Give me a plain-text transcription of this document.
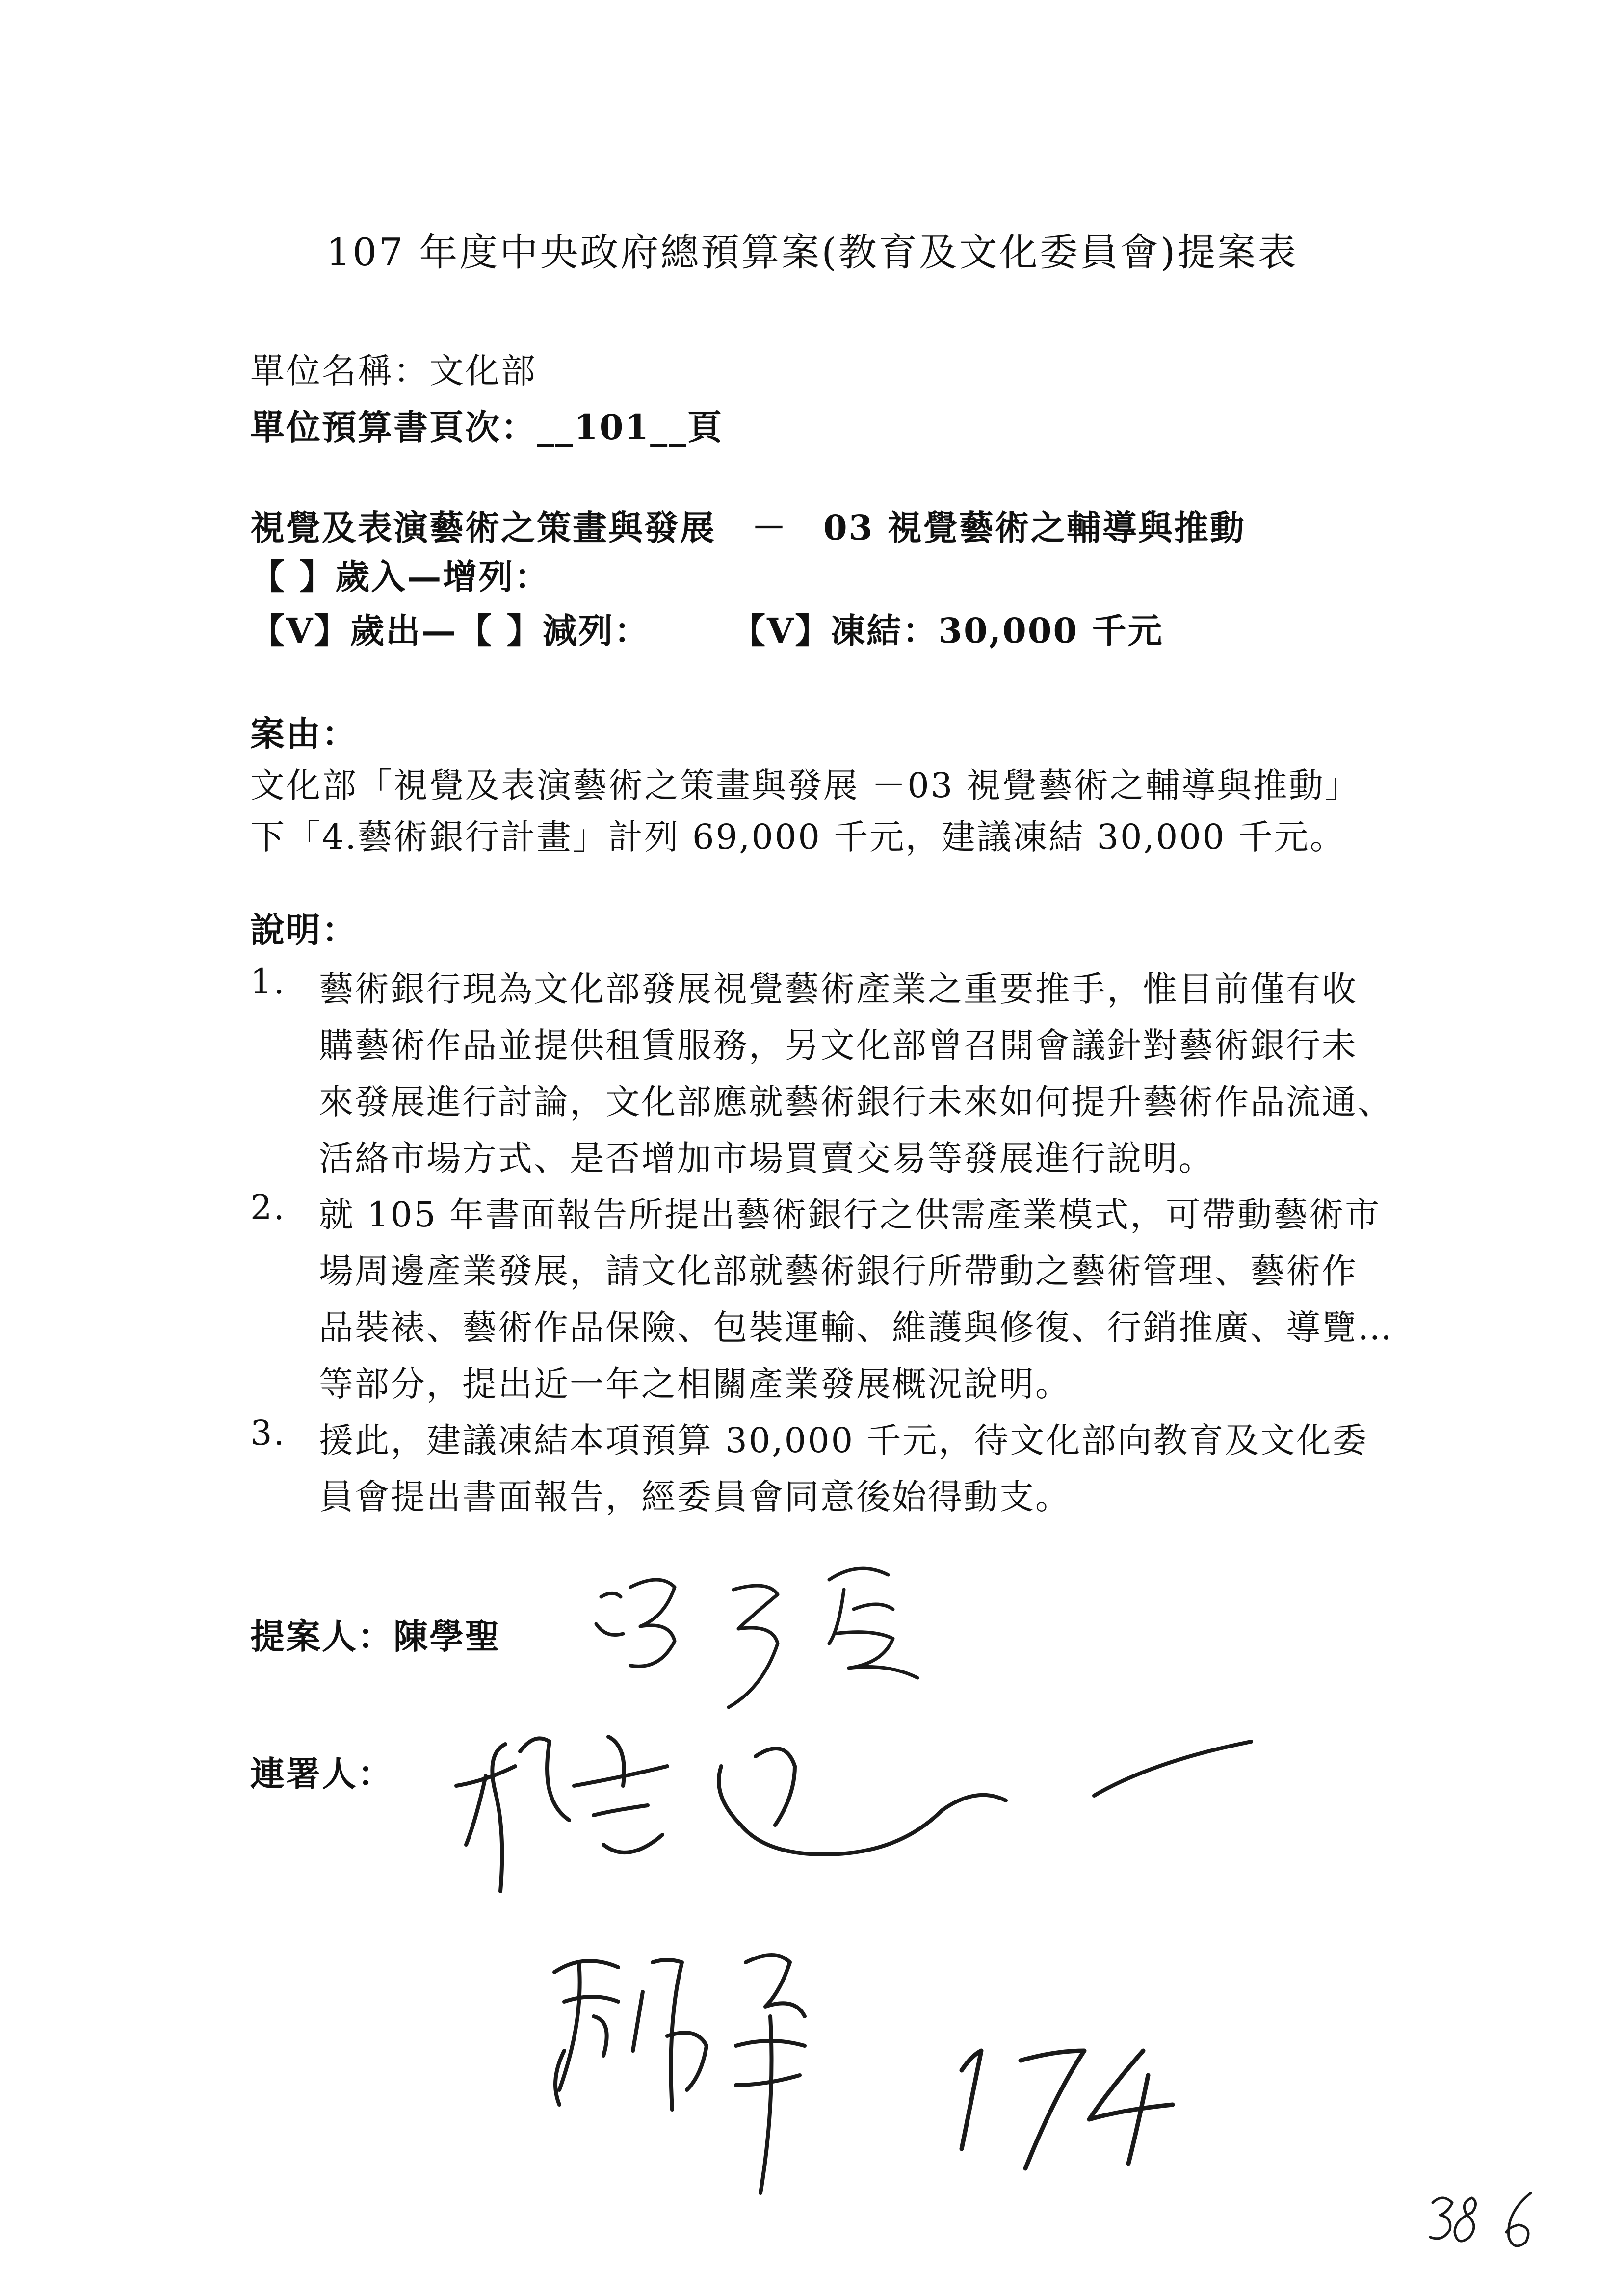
107 年度中央政府總預算案(教育及文化委員會)提案表
單位名稱：文化部
單位預算書頁次：__101__頁
視覺及表演藝術之策畫與發展　－　03 視覺藝術之輔導與推動
【 】歲入—增列：
【V】歲出—【 】減列： 【V】凍結：30,000 千元
案由：
文化部「視覺及表演藝術之策畫與發展 －03 視覺藝術之輔導與推動」
下「4.藝術銀行計畫」計列 69,000 千元，建議凍結 30,000 千元。
說明：
1. 藝術銀行現為文化部發展視覺藝術產業之重要推手，惟目前僅有收
購藝術作品並提供租賃服務，另文化部曾召開會議針對藝術銀行未
來發展進行討論，文化部應就藝術銀行未來如何提升藝術作品流通、
活絡市場方式、是否增加市場買賣交易等發展進行說明。
2. 就 105 年書面報告所提出藝術銀行之供需產業模式，可帶動藝術市
場周邊產業發展，請文化部就藝術銀行所帶動之藝術管理、藝術作
品裝裱、藝術作品保險、包裝運輸、維護與修復、行銷推廣、導覽…
等部分，提出近一年之相關產業發展概況說明。
3. 援此，建議凍結本項預算 30,000 千元，待文化部向教育及文化委
員會提出書面報告，經委員會同意後始得動支。
提案人：陳學聖
連署人：
